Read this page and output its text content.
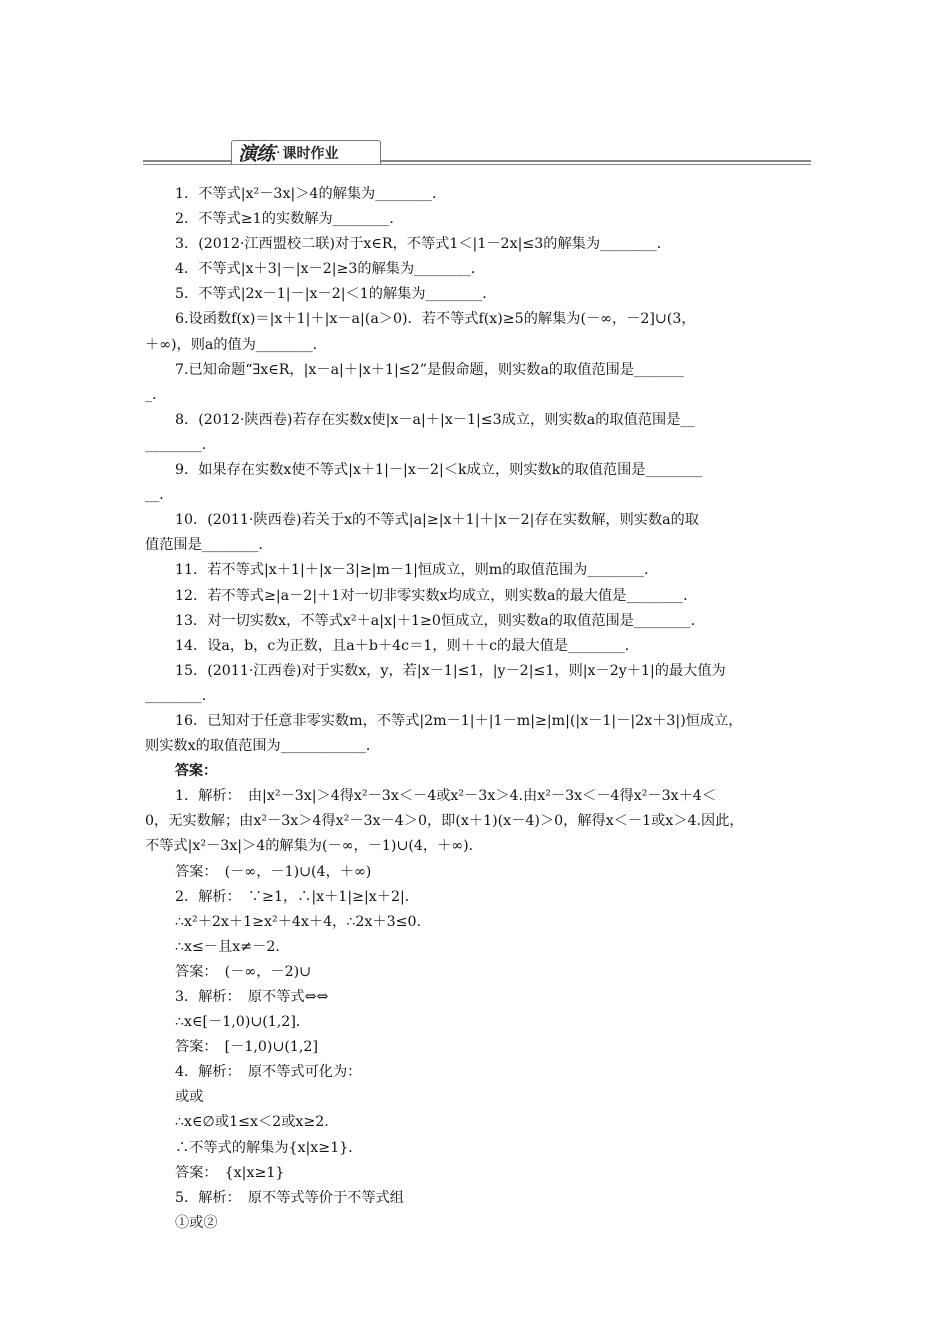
演练 · 课时作业
1．不等式|x²－3x|＞4的解集为________．
2．不等式≥1的实数解为________．
3．(2012·江西盟校二联)对于x∈R，不等式1＜|1－2x|≤3的解集为________．
4．不等式|x＋3|－|x－2|≥3的解集为________．
5．不等式|2x－1|－|x－2|＜1的解集为________．
6.设函数f(x)＝|x＋1|＋|x－a|(a＞0)．若不等式f(x)≥5的解集为(－∞，－2]∪(3，
＋∞)，则a的值为________．
7.已知命题“∃x∈R，|x－a|＋|x＋1|≤2”是假命题，则实数a的取值范围是_______
_．
8．(2012·陕西卷)若存在实数x使|x－a|＋|x－1|≤3成立，则实数a的取值范围是__
________．
9．如果存在实数x使不等式|x＋1|－|x－2|＜k成立，则实数k的取值范围是________
__．
10．(2011·陕西卷)若关于x的不等式|a|≥|x＋1|＋|x－2|存在实数解，则实数a的取
值范围是________．
11．若不等式|x＋1|＋|x－3|≥|m－1|恒成立，则m的取值范围为________．
12．若不等式≥|a－2|＋1对一切非零实数x均成立，则实数a的最大值是________．
13．对一切实数x，不等式x²＋a|x|＋1≥0恒成立，则实数a的取值范围是________．
14．设a，b，c为正数，且a＋b＋4c＝1，则＋＋c的最大值是________．
15．(2011·江西卷)对于实数x，y，若|x－1|≤1，|y－2|≤1，则|x－2y＋1|的最大值为
________．
16．已知对于任意非零实数m，不等式|2m－1|＋|1－m|≥|m|(|x－1|－|2x＋3|)恒成立，
则实数x的取值范围为____________．
答案：
1．解析：　由|x²－3x|＞4得x²－3x＜－4或x²－3x＞4.由x²－3x＜－4得x²－3x＋4＜
0，无实数解；由x²－3x＞4得x²－3x－4＞0，即(x＋1)(x－4)＞0，解得x＜－1或x＞4.因此，
不等式|x²－3x|＞4的解集为(－∞，－1)∪(4，＋∞)．
答案：　(－∞，－1)∪(4，＋∞)
2．解析：　∵≥1，∴|x＋1|≥|x＋2|．
∴x²＋2x＋1≥x²＋4x＋4，∴2x＋3≤0.
∴x≤－且x≠－2.
答案：　(－∞，－2)∪
3．解析：　原不等式⇔⇔
∴x∈[－1,0)∪(1,2]．
答案：　[－1,0)∪(1,2]
4．解析：　原不等式可化为：
或或
∴x∈∅或1≤x＜2或x≥2.
∴不等式的解集为{x|x≥1}．
答案：　{x|x≥1}
5．解析：　原不等式等价于不等式组
①或②
